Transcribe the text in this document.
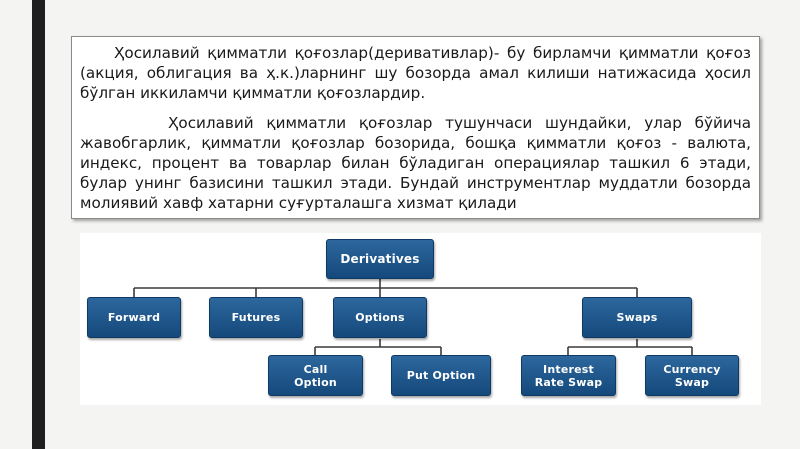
Ҳосилавий қимматли қоғозлар(деривативлар)- бу бирламчи қимматли қоғоз (акция, облигация ва ҳ.к.)ларнинг шу бозорда амал килиши натижасида ҳосил бўлган иккиламчи қимматли қоғозлардир.

Ҳосилавий қимматли қоғозлар тушунчаси шундайки, улар бўйича жавобгарлик, қимматли қоғозлар бозорида, бошқа қимматли қоғоз - валюта, индекс, процент ва товарлар билан бўладиган операциялар ташкил 6 этади, булар унинг базисини ташкил этади. Бундай инструментлар муддатли бозорда молиявий хавф хатарни суғурталашга хизмат қилади

Derivatives
Forward	Futures	Options	Swaps
Call
Option	Put Option	Interest
Rate Swap
Currency
Swap
